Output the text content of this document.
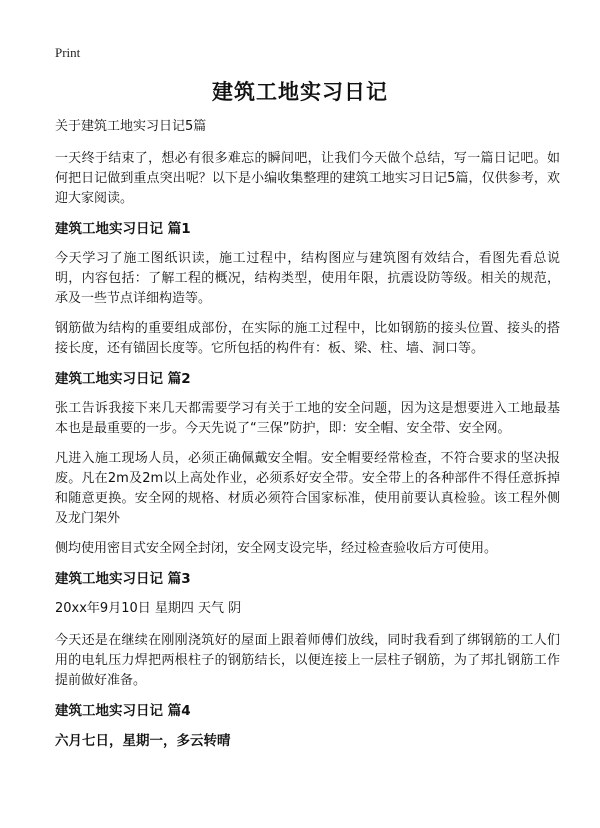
Print
建筑工地实习日记

关于建筑工地实习日记5篇

一天终于结束了，想必有很多难忘的瞬间吧，让我们今天做个总结，写一篇日记吧。如何把日记做到重点突出呢？以下是小编收集整理的建筑工地实习日记5篇，仅供参考，欢迎大家阅读。

建筑工地实习日记 篇1

今天学习了施工图纸识读，施工过程中，结构图应与建筑图有效结合，看图先看总说明，内容包括：了解工程的概况，结构类型，使用年限，抗震设防等级。相关的规范，承及一些节点详细构造等。

钢筋做为结构的重要组成部份，在实际的施工过程中，比如钢筋的接头位置、接头的搭接长度，还有锚固长度等。它所包括的构件有：板、梁、柱、墙、洞口等。

建筑工地实习日记 篇2

张工告诉我接下来几天都需要学习有关于工地的安全问题，因为这是想要进入工地最基本也是最重要的一步。今天先说了“三保”防护，即：安全帽、安全带、安全网。

凡进入施工现场人员，必须正确佩戴安全帽。安全帽要经常检查，不符合要求的坚决报废。凡在2m及2m以上高处作业，必须系好安全带。安全带上的各种部件不得任意拆掉和随意更换。安全网的规格、材质必须符合国家标准，使用前要认真检验。该工程外侧及龙门架外

侧均使用密目式安全网全封闭，安全网支设完毕，经过检查验收后方可使用。

建筑工地实习日记 篇3

20xx年9月10日 星期四 天气 阴

今天还是在继续在刚刚浇筑好的屋面上跟着师傅们放线，同时我看到了绑钢筋的工人们用的电轧压力焊把两根柱子的钢筋结长，以便连接上一层柱子钢筋，为了邦扎钢筋工作提前做好准备。

建筑工地实习日记 篇4

六月七日，星期一，多云转晴
